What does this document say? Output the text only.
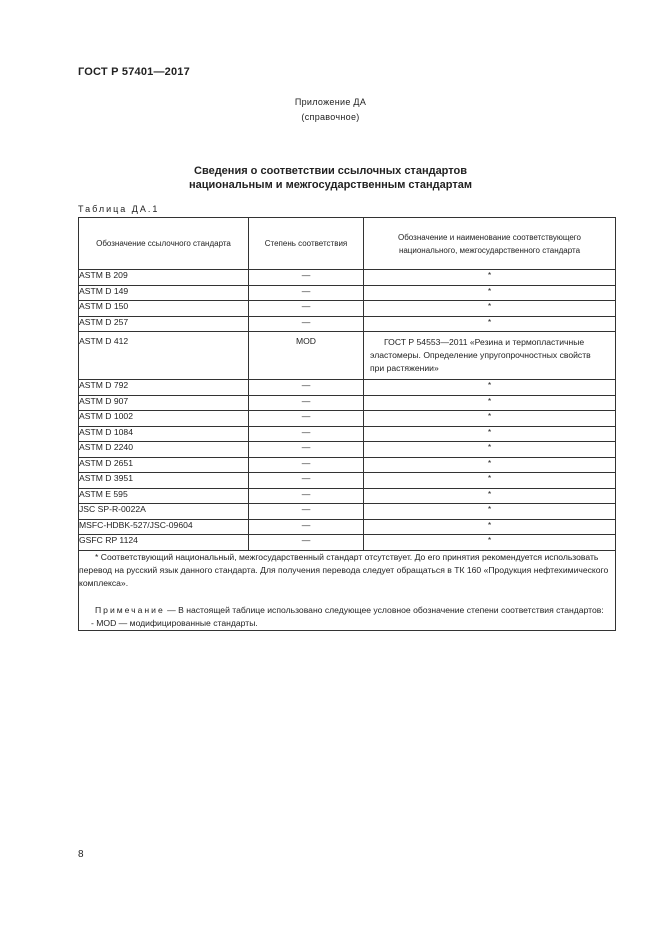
ГОСТ Р 57401—2017
Приложение ДА
(справочное)
Сведения о соответствии ссылочных стандартов
национальным и межгосударственным стандартам
Таблица ДА.1
Обозначение ссылочного стандарта	Степень соответствия	Обозначение и наименование соответствующего национального, межгосударственного стандарта
ASTM B 209	—	*
ASTM D 149	—	*
ASTM D 150	—	*
ASTM D 257	—	*
ASTM D 412	MOD	ГОСТ Р 54553—2011 «Резина и термопластичные эластомеры. Определение упругопрочностных свойств при растяжении»
ASTM D 792	—	*
ASTM D 907	—	*
ASTM D 1002	—	*
ASTM D 1084	—	*
ASTM D 2240	—	*
ASTM D 2651	—	*
ASTM D 3951	—	*
ASTM E 595	—	*
JSC SP-R-0022A	—	*
MSFC-HDBK-527/JSC-09604	—	*
GSFC RP 1124	—	*

* Соответствующий национальный, межгосударственный стандарт отсутствует. До его принятия рекомендуется использовать перевод на русский язык данного стандарта. Для получения перевода следует обращаться в ТК 160 «Продукция нефтехимического комплекса».

Примечание — В настоящей таблице использовано следующее условное обозначение степени соответствия стандартов:

- MOD — модифицированные стандарты.		
8
